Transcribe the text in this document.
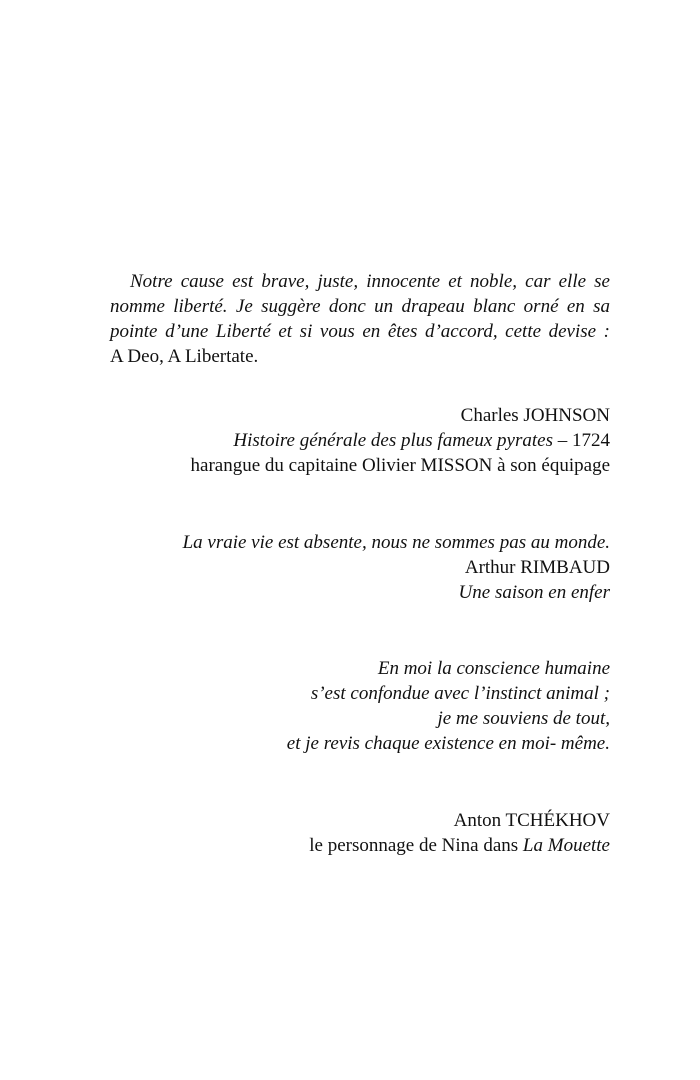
Notre cause est brave, juste, innocente et noble, car elle se
nomme liberté. Je suggère donc un drapeau blanc orné en sa
pointe d’une Liberté et si vous en êtes d’accord, cette devise :
A Deo, A Libertate.
Charles JOHNSON
Histoire générale des plus fameux pyrates – 1724
harangue du capitaine Olivier MISSON à son équipage
La vraie vie est absente, nous ne sommes pas au monde.
Arthur RIMBAUD
Une saison en enfer
En moi la conscience humaine
s’est confondue avec l’instinct animal ;
je me souviens de tout,
et je revis chaque existence en moi- même.
Anton TCHÉKHOV
le personnage de Nina dans La Mouette
